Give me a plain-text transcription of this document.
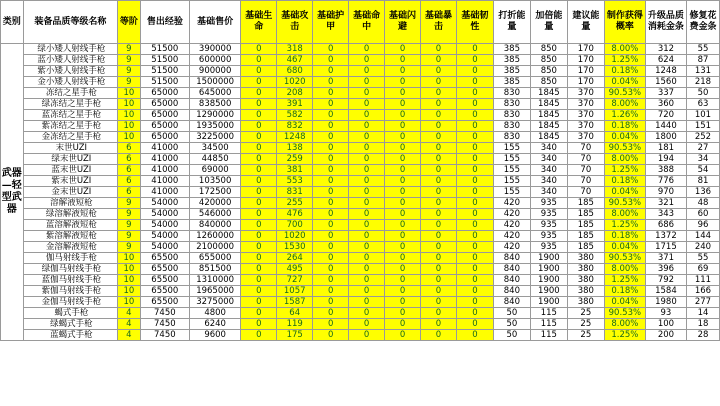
类别	装备品质等级名称	等阶	售出经验	基础售价	基础生命	基础攻击	基础护甲	基础命中	基础闪避	基础暴击	基础韧性	打折能量	加倍能量	建议能量	制作获得概率	升级品质消耗金条	修复花费金条
武器—轻型武器	绿小矮人射线手枪	9	51500	390000	0	318	0	0	0	0	0	385	850	170	8.00%	312	55
	蓝小矮人射线手枪	9	51500	600000	0	467	0	0	0	0	0	385	850	170	1.25%	624	87
	紫小矮人射线手枪	9	51500	900000	0	680	0	0	0	0	0	385	850	170	0.18%	1248	131
	金小矮人射线手枪	9	51500	1500000	0	1020	0	0	0	0	0	385	850	170	0.04%	1560	218
	冻结之星手枪	10	65000	645000	0	208	0	0	0	0	0	830	1845	370	90.53%	337	50
	绿冻结之星手枪	10	65000	838500	0	391	0	0	0	0	0	830	1845	370	8.00%	360	63
	蓝冻结之星手枪	10	65000	1290000	0	582	0	0	0	0	0	830	1845	370	1.26%	720	101
	紫冻结之星手枪	10	65000	1935000	0	832	0	0	0	0	0	830	1845	370	0.18%	1440	151
	金冻结之星手枪	10	65000	3225000	0	1248	0	0	0	0	0	830	1845	370	0.04%	1800	252
	末世UZI	6	41000	34500	0	138	0	0	0	0	0	155	340	70	90.53%	181	27
	绿末世UZI	6	41000	44850	0	259	0	0	0	0	0	155	340	70	8.00%	194	34
	蓝末世UZI	6	41000	69000	0	381	0	0	0	0	0	155	340	70	1.25%	388	54
	紫末世UZI	6	41000	103500	0	553	0	0	0	0	0	155	340	70	0.18%	776	81
	金末世UZI	6	41000	172500	0	831	0	0	0	0	0	155	340	70	0.04%	970	136
	溶解液短枪	9	54000	420000	0	255	0	0	0	0	0	420	935	185	90.53%	321	48
	绿溶解液短枪	9	54000	546000	0	476	0	0	0	0	0	420	935	185	8.00%	343	60
	蓝溶解液短枪	9	54000	840000	0	700	0	0	0	0	0	420	935	185	1.25%	686	96
	紫溶解液短枪	9	54000	1260000	0	1020	0	0	0	0	0	420	935	185	0.18%	1372	144
	金溶解液短枪	9	54000	2100000	0	1530	0	0	0	0	0	420	935	185	0.04%	1715	240
	伽马射线手枪	10	65500	655000	0	264	0	0	0	0	0	840	1900	380	90.53%	371	55
	绿伽马射线手枪	10	65500	851500	0	495	0	0	0	0	0	840	1900	380	8.00%	396	69
	蓝伽马射线手枪	10	65500	1310000	0	727	0	0	0	0	0	840	1900	380	1.25%	792	111
	紫伽马射线手枪	10	65500	1965000	0	1057	0	0	0	0	0	840	1900	380	0.18%	1584	166
	金伽马射线手枪	10	65500	3275000	0	1587	0	0	0	0	0	840	1900	380	0.04%	1980	277
	蝎式手枪	4	7450	4800	0	64	0	0	0	0	0	50	115	25	90.53%	93	14
	绿蝎式手枪	4	7450	6240	0	119	0	0	0	0	0	50	115	25	8.00%	100	18
	蓝蝎式手枪	4	7450	9600	0	175	0	0	0	0	0	50	115	25	1.25%	200	28
